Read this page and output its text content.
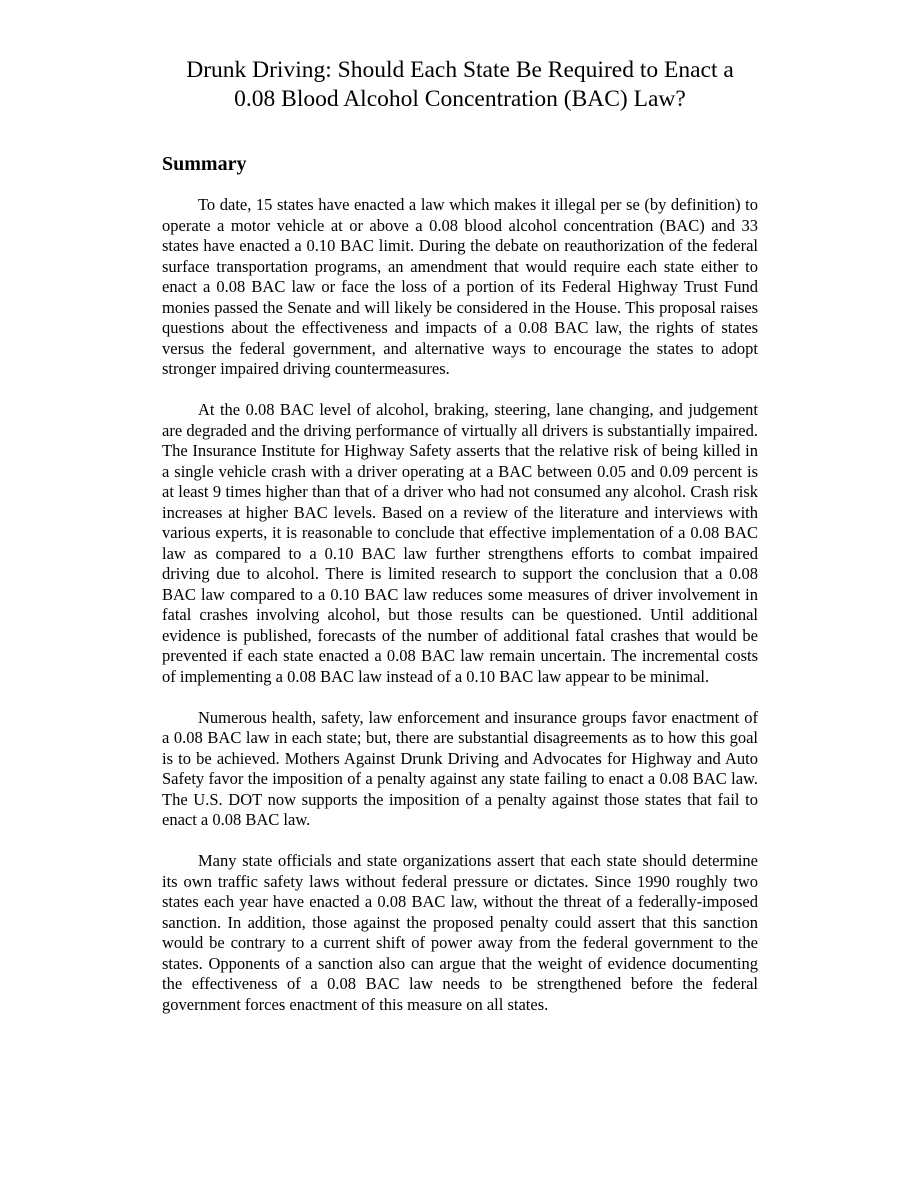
Drunk Driving: Should Each State Be Required to Enact a
0.08 Blood Alcohol Concentration (BAC) Law?
Summary

To date, 15 states have enacted a law which makes it illegal per se (by definition) to operate a motor vehicle at or above a 0.08 blood alcohol concentration (BAC) and 33 states have enacted a 0.10 BAC limit. During the debate on reauthorization of the federal surface transportation programs, an amendment that would require each state either to enact a 0.08 BAC law or face the loss of a portion of its Federal Highway Trust Fund monies passed the Senate and will likely be considered in the House. This proposal raises questions about the effectiveness and impacts of a 0.08 BAC law, the rights of states versus the federal government, and alternative ways to encourage the states to adopt stronger impaired driving countermeasures.

At the 0.08 BAC level of alcohol, braking, steering, lane changing, and judgement are degraded and the driving performance of virtually all drivers is substantially impaired. The Insurance Institute for Highway Safety asserts that the relative risk of being killed in a single vehicle crash with a driver operating at a BAC between 0.05 and 0.09 percent is at least 9 times higher than that of a driver who had not consumed any alcohol. Crash risk increases at higher BAC levels. Based on a review of the literature and interviews with various experts, it is reasonable to conclude that effective implementation of a 0.08 BAC law as compared to a 0.10 BAC law further strengthens efforts to combat impaired driving due to alcohol. There is limited research to support the conclusion that a 0.08 BAC law compared to a 0.10 BAC law reduces some measures of driver involvement in fatal crashes involving alcohol, but those results can be questioned. Until additional evidence is published, forecasts of the number of additional fatal crashes that would be prevented if each state enacted a 0.08 BAC law remain uncertain. The incremental costs of implementing a 0.08 BAC law instead of a 0.10 BAC law appear to be minimal.

Numerous health, safety, law enforcement and insurance groups favor enactment of a 0.08 BAC law in each state; but, there are substantial disagreements as to how this goal is to be achieved. Mothers Against Drunk Driving and Advocates for Highway and Auto Safety favor the imposition of a penalty against any state failing to enact a 0.08 BAC law. The U.S. DOT now supports the imposition of a penalty against those states that fail to enact a 0.08 BAC law.

Many state officials and state organizations assert that each state should determine its own traffic safety laws without federal pressure or dictates. Since 1990 roughly two states each year have enacted a 0.08 BAC law, without the threat of a federally-imposed sanction. In addition, those against the proposed penalty could assert that this sanction would be contrary to a current shift of power away from the federal government to the states. Opponents of a sanction also can argue that the weight of evidence documenting the effectiveness of a 0.08 BAC law needs to be strengthened before the federal government forces enactment of this measure on all states.
